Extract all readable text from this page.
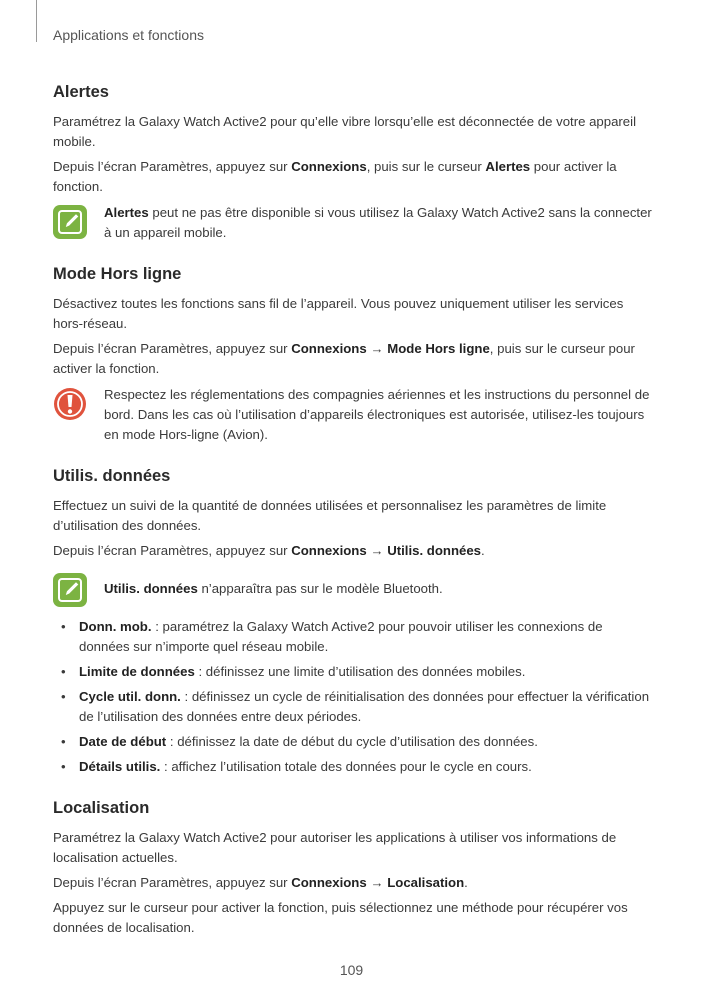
Applications et fonctions
Alertes

Paramétrez la Galaxy Watch Active2 pour qu’elle vibre lorsqu’elle est déconnectée de votre appareil mobile.

Depuis l’écran Paramètres, appuyez sur Connexions, puis sur le curseur Alertes pour activer la fonction.

Alertes peut ne pas être disponible si vous utilisez la Galaxy Watch Active2 sans la connecter à un appareil mobile.

Mode Hors ligne

Désactivez toutes les fonctions sans fil de l’appareil. Vous pouvez uniquement utiliser les services hors-réseau.

Depuis l’écran Paramètres, appuyez sur Connexions → Mode Hors ligne, puis sur le curseur pour activer la fonction.

Respectez les réglementations des compagnies aériennes et les instructions du personnel de bord. Dans les cas où l’utilisation d’appareils électroniques est autorisée, utilisez-les toujours en mode Hors-ligne (Avion).

Utilis. données

Effectuez un suivi de la quantité de données utilisées et personnalisez les paramètres de limite d’utilisation des données.

Depuis l’écran Paramètres, appuyez sur Connexions → Utilis. données.

Utilis. données n’apparaîtra pas sur le modèle Bluetooth.

• Donn. mob. : paramétrez la Galaxy Watch Active2 pour pouvoir utiliser les connexions de données sur n’importe quel réseau mobile.
• Limite de données : définissez une limite d’utilisation des données mobiles.
• Cycle util. donn. : définissez un cycle de réinitialisation des données pour effectuer la vérification de l’utilisation des données entre deux périodes.
• Date de début : définissez la date de début du cycle d’utilisation des données.
• Détails utilis. : affichez l’utilisation totale des données pour le cycle en cours.
Localisation

Paramétrez la Galaxy Watch Active2 pour autoriser les applications à utiliser vos informations de localisation actuelles.

Depuis l’écran Paramètres, appuyez sur Connexions → Localisation.

Appuyez sur le curseur pour activer la fonction, puis sélectionnez une méthode pour récupérer vos données de localisation.

109
